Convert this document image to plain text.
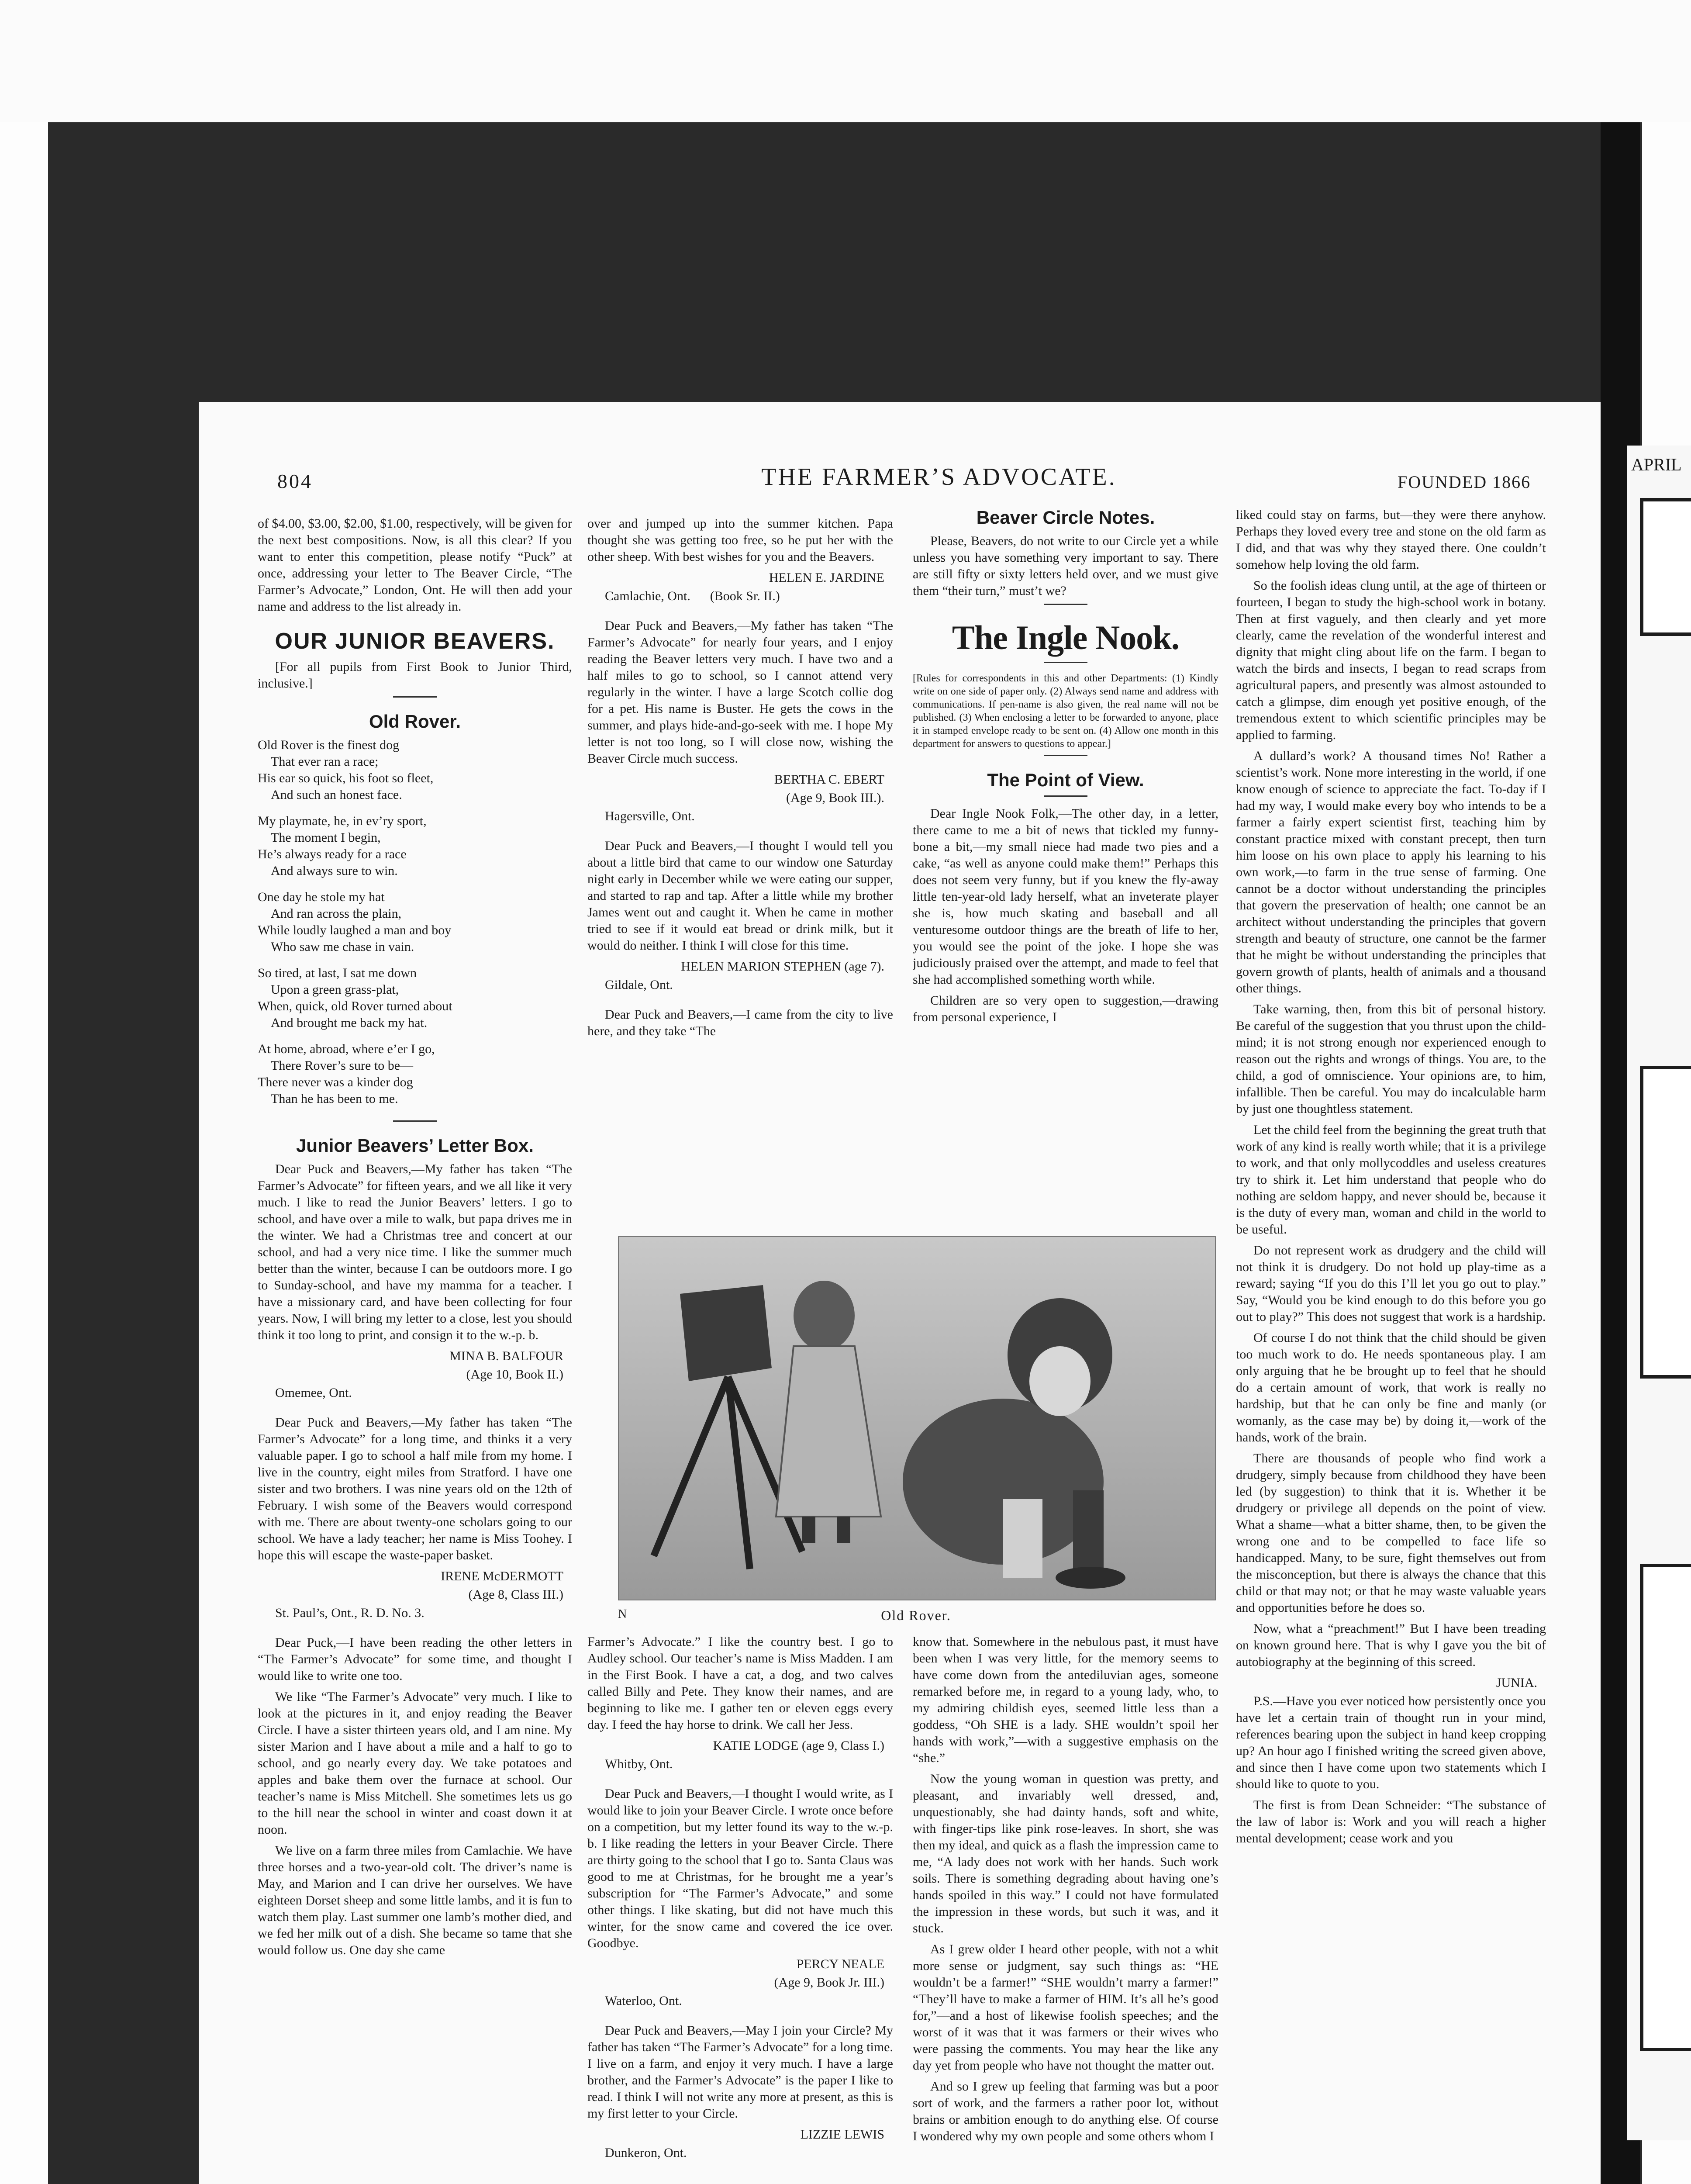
804	THE FARMER’S ADVOCATE.	FOUNDED 1866

of $4.00, $3.00, $2.00, $1.00, respectively, will be given for the next best compositions. Now, is all this clear? If you want to enter this competition, please notify “Puck” at once, addressing your letter to The Beaver Circle, “The Farmer’s Advocate,” London, Ont. He will then add your name and address to the list already in.

OUR JUNIOR BEAVERS.

[For all pupils from First Book to Junior Third, inclusive.]

Old Rover.
Old Rover is the finest dog
That ever ran a race;
His ear so quick, his foot so fleet,
And such an honest face.
My playmate, he, in ev’ry sport,
The moment I begin,
He’s always ready for a race
And always sure to win.
One day he stole my hat
And ran across the plain,
While loudly laughed a man and boy
Who saw me chase in vain.
So tired, at last, I sat me down
Upon a green grass-plat,
When, quick, old Rover turned about
And brought me back my hat.
At home, abroad, where e’er I go,
There Rover’s sure to be—
There never was a kinder dog
Than he has been to me.
Junior Beavers’ Letter Box.

Dear Puck and Beavers,—My father has taken “The Farmer’s Advocate” for fifteen years, and we all like it very much. I like to read the Junior Beavers’ letters. I go to school, and have over a mile to walk, but papa drives me in the winter. We had a Christmas tree and concert at our school, and had a very nice time. I like the summer much better than the winter, because I can be outdoors more. I go to Sunday-school, and have my mamma for a teacher. I have a missionary card, and have been collecting for four years. Now, I will bring my letter to a close, lest you should think it too long to print, and consign it to the w.-p. b.

MINA B. BALFOUR

(Age 10, Book II.)

Omemee, Ont.

Dear Puck and Beavers,—My father has taken “The Farmer’s Advocate” for a long time, and thinks it a very valuable paper. I go to school a half mile from my home. I live in the country, eight miles from Stratford. I have one sister and two brothers. I was nine years old on the 12th of February. I wish some of the Beavers would correspond with me. There are about twenty-one scholars going to our school. We have a lady teacher; her name is Miss Toohey. I hope this will escape the waste-paper basket.

IRENE McDERMOTT

(Age 8, Class III.)

St. Paul’s, Ont., R. D. No. 3.

Dear Puck,—I have been reading the other letters in “The Farmer’s Advocate” for some time, and thought I would like to write one too.

We like “The Farmer’s Advocate” very much. I like to look at the pictures in it, and enjoy reading the Beaver Circle. I have a sister thirteen years old, and I am nine. My sister Marion and I have about a mile and a half to go to school, and go nearly every day. We take potatoes and apples and bake them over the furnace at school. Our teacher’s name is Miss Mitchell. She sometimes lets us go to the hill near the school in winter and coast down it at noon.

We live on a farm three miles from Camlachie. We have three horses and a two-year-old colt. The driver’s name is May, and Marion and I can drive her ourselves. We have eighteen Dorset sheep and some little lambs, and it is fun to watch them play. Last summer one lamb’s mother died, and we fed her milk out of a dish. She became so tame that she would follow us. One day she came

over and jumped up into the summer kitchen. Papa thought she was getting too free, so he put her with the other sheep. With best wishes for you and the Beavers.

HELEN E. JARDINE

Camlachie, Ont. (Book Sr. II.)

Dear Puck and Beavers,—My father has taken “The Farmer’s Advocate” for nearly four years, and I enjoy reading the Beaver letters very much. I have two and a half miles to go to school, so I cannot attend very regularly in the winter. I have a large Scotch collie dog for a pet. His name is Buster. He gets the cows in the summer, and plays hide-and-go-seek with me. I hope My letter is not too long, so I will close now, wishing the Beaver Circle much success.

BERTHA C. EBERT

(Age 9, Book III.).

Hagersville, Ont.

Dear Puck and Beavers,—I thought I would tell you about a little bird that came to our window one Saturday night early in December while we were eating our supper, and started to rap and tap. After a little while my brother James went out and caught it. When he came in mother tried to see if it would eat bread or drink milk, but it would do neither. I think I will close for this time.

HELEN MARION STEPHEN (age 7).

Gildale, Ont.

Dear Puck and Beavers,—I came from the city to live here, and they take “The

Beaver Circle Notes.

Please, Beavers, do not write to our Circle yet a while unless you have something very important to say. There are still fifty or sixty letters held over, and we must give them “their turn,” must’t we?

The Ingle Nook.

[Rules for correspondents in this and other Departments: (1) Kindly write on one side of paper only. (2) Always send name and address with communications. If pen-name is also given, the real name will not be published. (3) When enclosing a letter to be forwarded to anyone, place it in stamped envelope ready to be sent on. (4) Allow one month in this department for answers to questions to appear.]

The Point of View.

Dear Ingle Nook Folk,—The other day, in a letter, there came to me a bit of news that tickled my funny-bone a bit,—my small niece had made two pies and a cake, “as well as anyone could make them!” Perhaps this does not seem very funny, but if you knew the fly-away little ten-year-old lady herself, what an inveterate player she is, how much skating and baseball and all venturesome outdoor things are the breath of life to her, you would see the point of the joke. I hope she was judiciously praised over the attempt, and made to feel that she had accomplished something worth while.

Children are so very open to suggestion,—drawing from personal experience, I

liked could stay on farms, but—they were there anyhow. Perhaps they loved every tree and stone on the old farm as I did, and that was why they stayed there. One couldn’t somehow help loving the old farm.

So the foolish ideas clung until, at the age of thirteen or fourteen, I began to study the high-school work in botany. Then at first vaguely, and then clearly and yet more clearly, came the revelation of the wonderful interest and dignity that might cling about life on the farm. I began to watch the birds and insects, I began to read scraps from agricultural papers, and presently was almost astounded to catch a glimpse, dim enough yet positive enough, of the tremendous extent to which scientific principles may be applied to farming.

A dullard’s work? A thousand times No! Rather a scientist’s work. None more interesting in the world, if one know enough of science to appreciate the fact. To-day if I had my way, I would make every boy who intends to be a farmer a fairly expert scientist first, teaching him by constant practice mixed with constant precept, then turn him loose on his own place to apply his learning to his own work,—to farm in the true sense of farming. One cannot be a doctor without understanding the principles that govern the preservation of health; one cannot be an architect without understanding the principles that govern strength and beauty of structure, one cannot be the farmer that he might be without understanding the principles that govern growth of plants, health of animals and a thousand other things.

Take warning, then, from this bit of personal history. Be careful of the suggestion that you thrust upon the child-mind; it is not strong enough nor experienced enough to reason out the rights and wrongs of things. You are, to the child, a god of omniscience. Your opinions are, to him, infallible. Then be careful. You may do incalculable harm by just one thoughtless statement.

Let the child feel from the beginning the great truth that work of any kind is really worth while; that it is a privilege to work, and that only mollycoddles and useless creatures try to shirk it. Let him understand that people who do nothing are seldom happy, and never should be, because it is the duty of every man, woman and child in the world to be useful.

Do not represent work as drudgery and the child will not think it is drudgery. Do not hold up play-time as a reward; saying “If you do this I’ll let you go out to play.” Say, “Would you be kind enough to do this before you go out to play?” This does not suggest that work is a hardship.

Of course I do not think that the child should be given too much work to do. He needs spontaneous play. I am only arguing that he be brought up to feel that he should do a certain amount of work, that work is really no hardship, but that he can only be fine and manly (or womanly, as the case may be) by doing it,—work of the hands, work of the brain.

There are thousands of people who find work a drudgery, simply because from childhood they have been led (by suggestion) to think that it is. Whether it be drudgery or privilege all depends on the point of view. What a shame—what a bitter shame, then, to be given the wrong one and to be compelled to face life so handicapped. Many, to be sure, fight themselves out from the misconception, but there is always the chance that this child or that may not; or that he may waste valuable years and opportunities before he does so.

Now, what a “preachment!” But I have been treading on known ground here. That is why I gave you the bit of autobiography at the beginning of this screed.

JUNIA.

P.S.—Have you ever noticed how persistently once you have let a certain train of thought run in your mind, references bearing upon the subject in hand keep cropping up? An hour ago I finished writing the screed given above, and since then I have come upon two statements which I should like to quote to you.

The first is from Dean Schneider: “The substance of the law of labor is: Work and you will reach a higher mental development; cease work and you

N	Old Rover.

Farmer’s Advocate.” I like the country best. I go to Audley school. Our teacher’s name is Miss Madden. I am in the First Book. I have a cat, a dog, and two calves called Billy and Pete. They know their names, and are beginning to like me. I gather ten or eleven eggs every day. I feed the hay horse to drink. We call her Jess.

KATIE LODGE (age 9, Class I.)

Whitby, Ont.

Dear Puck and Beavers,—I thought I would write, as I would like to join your Beaver Circle. I wrote once before on a competition, but my letter found its way to the w.-p. b. I like reading the letters in your Beaver Circle. There are thirty going to the school that I go to. Santa Claus was good to me at Christmas, for he brought me a year’s subscription for “The Farmer’s Advocate,” and some other things. I like skating, but did not have much this winter, for the snow came and covered the ice over. Goodbye.

PERCY NEALE

(Age 9, Book Jr. III.)

Waterloo, Ont.

Dear Puck and Beavers,—May I join your Circle? My father has taken “The Farmer’s Advocate” for a long time. I live on a farm, and enjoy it very much. I have a large brother, and the Farmer’s Advocate” is the paper I like to read. I think I will not write any more at present, as this is my first letter to your Circle.

LIZZIE LEWIS

Dunkeron, Ont.

know that. Somewhere in the nebulous past, it must have been when I was very little, for the memory seems to have come down from the antediluvian ages, someone remarked before me, in regard to a young lady, who, to my admiring childish eyes, seemed little less than a goddess, “Oh SHE is a lady. SHE wouldn’t spoil her hands with work,”—with a suggestive emphasis on the “she.”

Now the young woman in question was pretty, and pleasant, and invariably well dressed, and, unquestionably, she had dainty hands, soft and white, with finger-tips like pink rose-leaves. In short, she was then my ideal, and quick as a flash the impression came to me, “A lady does not work with her hands. Such work soils. There is something degrading about having one’s hands spoiled in this way.” I could not have formulated the impression in these words, but such it was, and it stuck.

As I grew older I heard other people, with not a whit more sense or judgment, say such things as: “HE wouldn’t be a farmer!” “SHE wouldn’t marry a farmer!” “They’ll have to make a farmer of HIM. It’s all he’s good for,”—and a host of likewise foolish speeches; and the worst of it was that it was farmers or their wives who were passing the comments. You may hear the like any day yet from people who have not thought the matter out.

And so I grew up feeling that farming was but a poor sort of work, and the farmers a rather poor lot, without brains or ambition enough to do anything else. Of course I wondered why my own people and some others whom I

APRIL
